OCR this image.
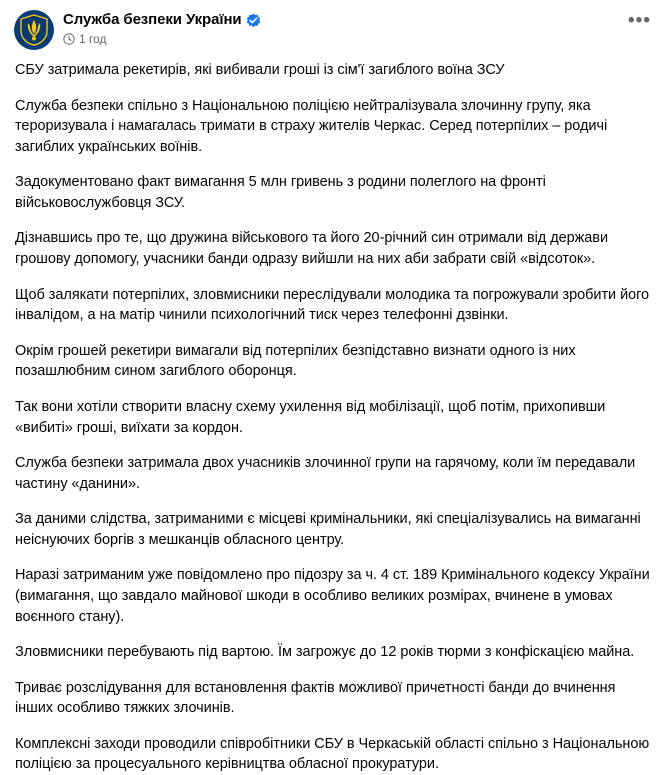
Служба безпеки України
1 год
•••

СБУ затримала рекетирів, які вибивали гроші із сім'ї загиблого воїна ЗСУ

Служба безпеки спільно з Національною поліцією нейтралізувала злочинну групу, яка тероризувала і намагалась тримати в страху жителів Черкас. Серед потерпілих – родичі загиблих українських воїнів.

Задокументовано факт вимагання 5 млн гривень з родини полеглого на фронті військовослужбовця ЗСУ.

Дізнавшись про те, що дружина військового та його 20-річний син отримали від держави грошову допомогу, учасники банди одразу вийшли на них аби забрати свій «відсоток».

Щоб залякати потерпілих, зловмисники переслідували молодика та погрожували зробити його інвалідом, а на матір чинили психологічний тиск через телефонні дзвінки.

Окрім грошей рекетири вимагали від потерпілих безпідставно визнати одного із них позашлюбним сином загиблого оборонця.

Так вони хотіли створити власну схему ухилення від мобілізації, щоб потім, прихопивши «вибиті» гроші, виїхати за кордон.

Служба безпеки затримала двох учасників злочинної групи на гарячому, коли їм передавали частину «данини».

За даними слідства, затриманими є місцеві кримінальники, які спеціалізувались на вимаганні неіснуючих боргів з мешканців обласного центру.

Наразі затриманим уже повідомлено про підозру за ч. 4 ст. 189 Кримінального кодексу України (вимагання, що завдало майнової шкоди в особливо великих розмірах, вчинене в умовах воєнного стану).

Зловмисники перебувають під вартою. Їм загрожує до 12 років тюрми з конфіскацією майна.

Триває розслідування для встановлення фактів можливої причетності банди до вчинення інших особливо тяжких злочинів.

Комплексні заходи проводили співробітники СБУ в Черкаській області спільно з Національною поліцією за процесуального керівництва обласної прокуратури.
